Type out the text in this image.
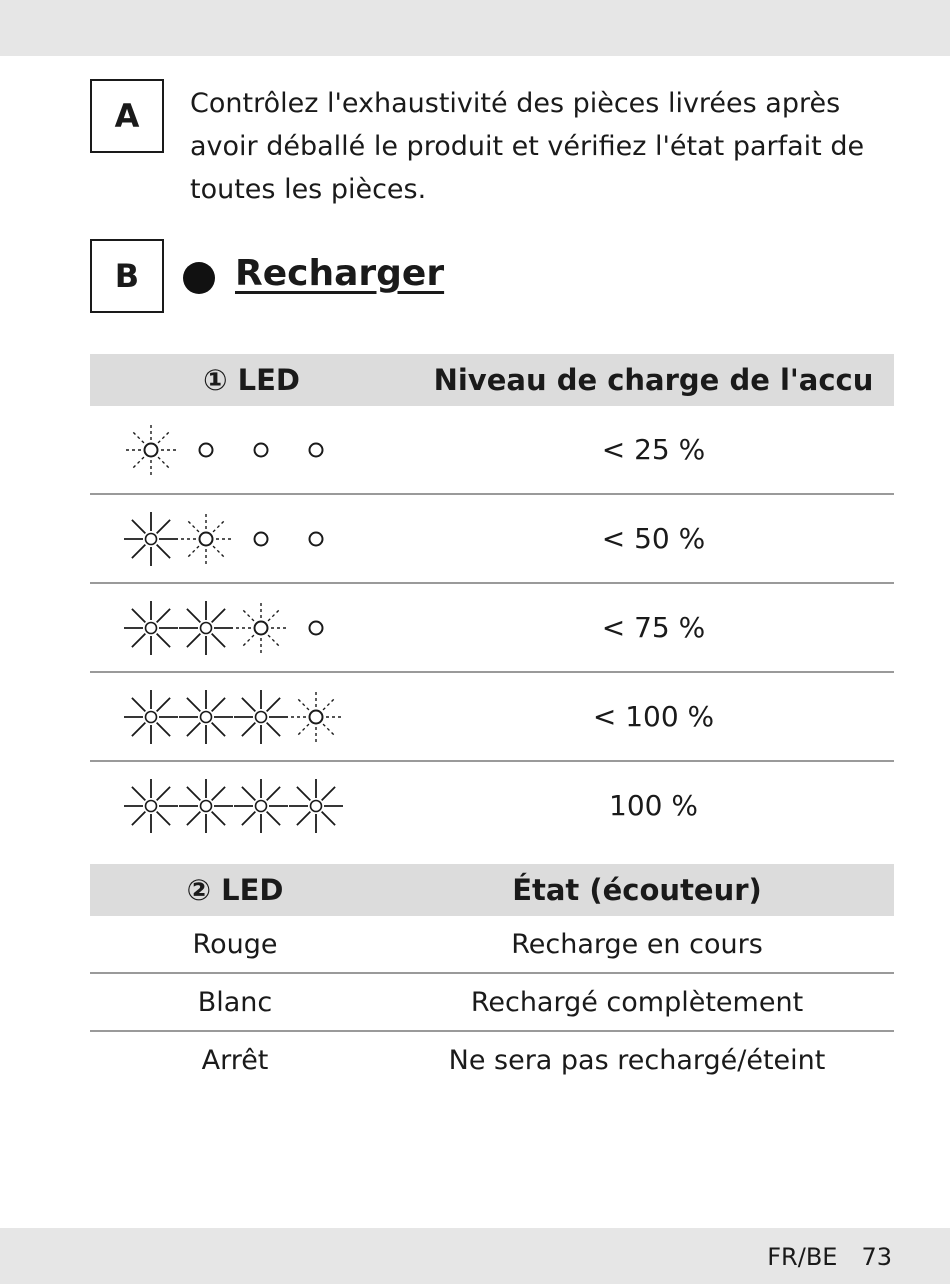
A	Contrôlez l'exhaustivité des pièces livrées après avoir déballé le produit et vérifiez l'état parfait de toutes les pièces.
B	Recharger
① LED	Niveau de charge de l'accu

	< 25 %

	< 50 %

	< 75 %

	< 100 %

	100 %
② LED	État (écouteur)
Rouge	Recharge en cours
Blanc	Rechargé complètement
Arrêt	Ne sera pas rechargé/éteint
FR/BE 73
